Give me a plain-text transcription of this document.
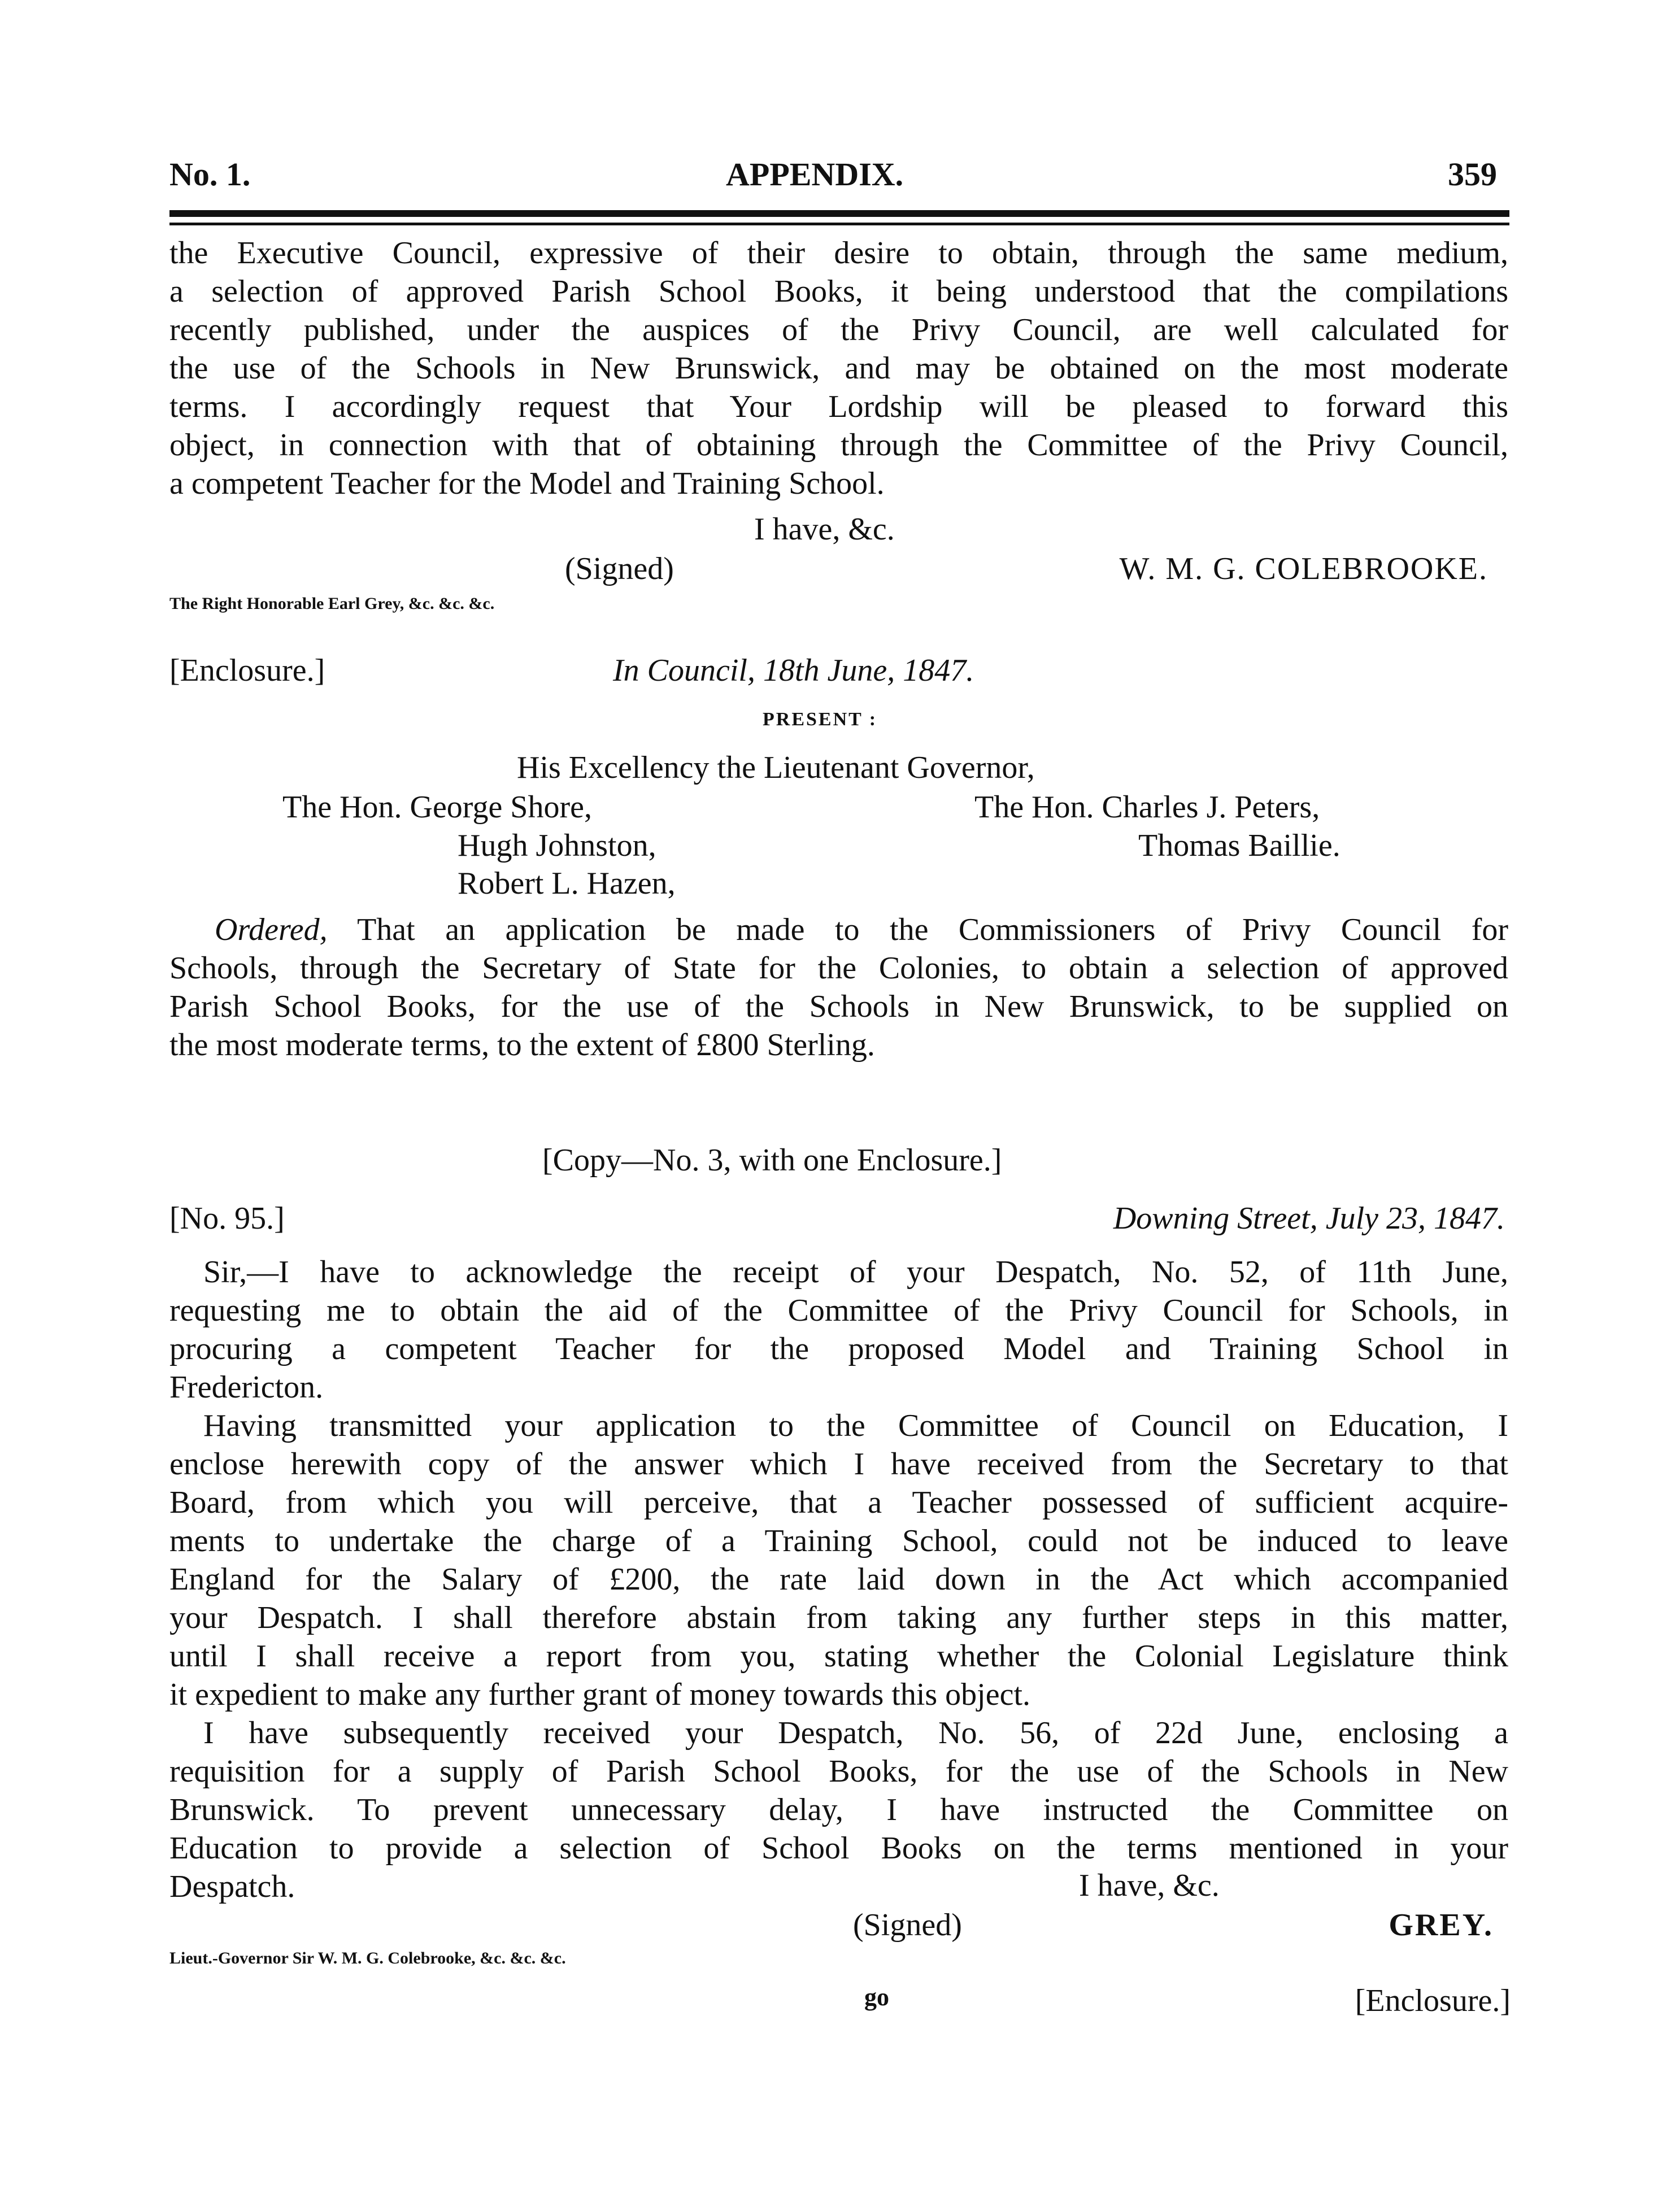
No. 1.	APPENDIX.	359
the Executive Council, expressive of their desire to obtain, through the same medium,
a selection of approved Parish School Books, it being understood that the compilations
recently published, under the auspices of the Privy Council, are well calculated for
the use of the Schools in New Brunswick, and may be obtained on the most moderate
terms. I accordingly request that Your Lordship will be pleased to forward this
object, in connection with that of obtaining through the Committee of the Privy Council,
a competent Teacher for the Model and Training School.
I have, &c.
(Signed)	W. M. G. COLEBROOKE.
The Right Honorable Earl Grey, &c. &c. &c.
[Enclosure.]	In Council, 18th June, 1847.
PRESENT :
His Excellency the Lieutenant Governor,
The Hon. George Shore,
Hugh Johnston,
Robert L. Hazen,
The Hon. Charles J. Peters,
Thomas Baillie.
Ordered, That an application be made to the Commissioners of Privy Council for
Schools, through the Secretary of State for the Colonies, to obtain a selection of approved
Parish School Books, for the use of the Schools in New Brunswick, to be supplied on
the most moderate terms, to the extent of £800 Sterling.
[Copy—No. 3, with one Enclosure.]
[No. 95.]	Downing Street, July 23, 1847.
Sir,—I have to acknowledge the receipt of your Despatch, No. 52, of 11th June,
requesting me to obtain the aid of the Committee of the Privy Council for Schools, in
procuring a competent Teacher for the proposed Model and Training School in
Fredericton.
Having transmitted your application to the Committee of Council on Education, I
enclose herewith copy of the answer which I have received from the Secretary to that
Board, from which you will perceive, that a Teacher possessed of sufficient acquire-
ments to undertake the charge of a Training School, could not be induced to leave
England for the Salary of £200, the rate laid down in the Act which accompanied
your Despatch. I shall therefore abstain from taking any further steps in this matter,
until I shall receive a report from you, stating whether the Colonial Legislature think
it expedient to make any further grant of money towards this object.
I have subsequently received your Despatch, No. 56, of 22d June, enclosing a
requisition for a supply of Parish School Books, for the use of the Schools in New
Brunswick. To prevent unnecessary delay, I have instructed the Committee on
Education to provide a selection of School Books on the terms mentioned in your
Despatch.	I have, &c.
(Signed)	GREY.
Lieut.-Governor Sir W. M. G. Colebrooke, &c. &c. &c.
go	[Enclosure.]
